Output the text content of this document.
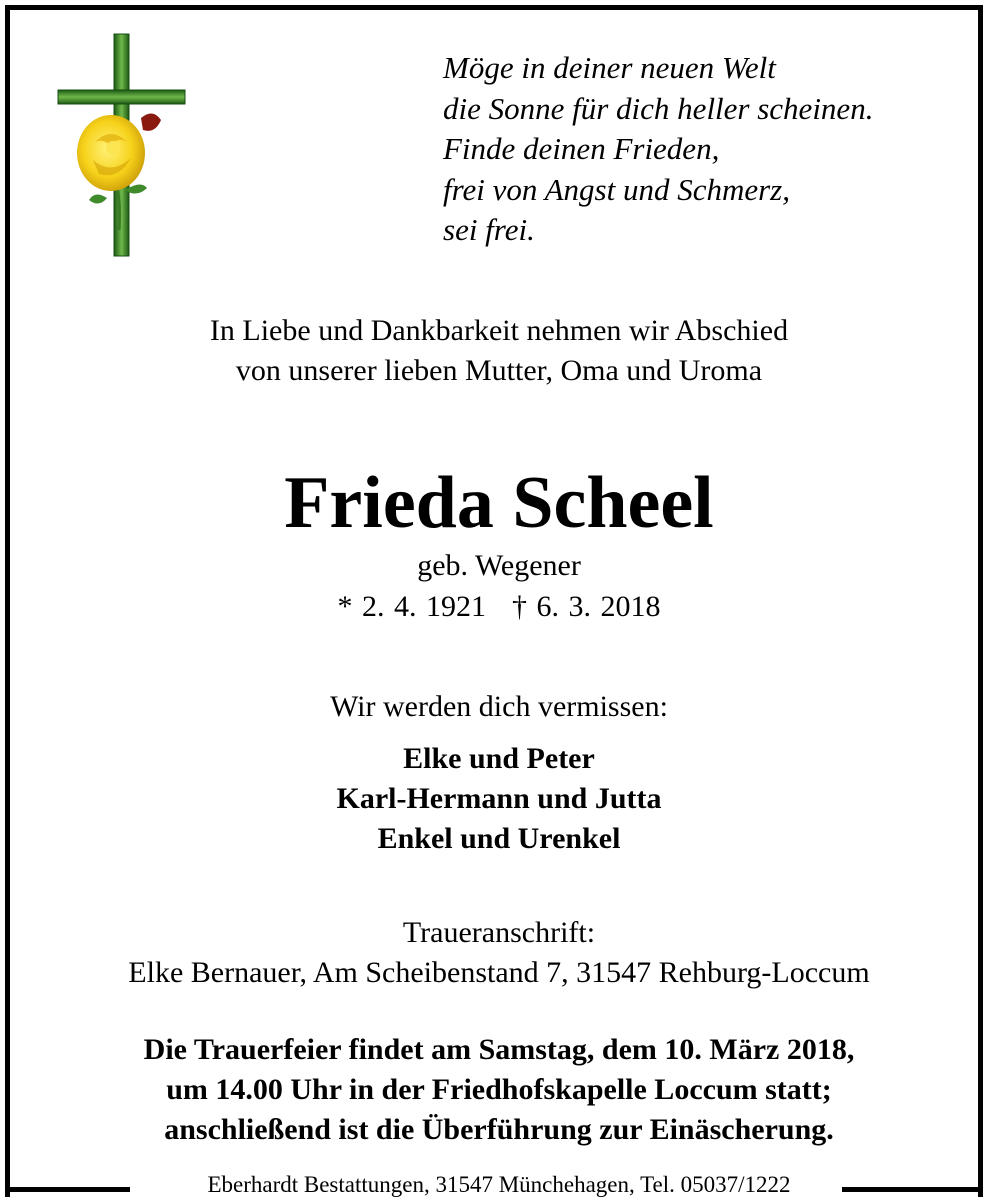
Möge in deiner neuen Welt
die Sonne für dich heller scheinen.
Finde deinen Frieden,
frei von Angst und Schmerz,
sei frei.
In Liebe und Dankbarkeit nehmen wir Abschied
von unserer lieben Mutter, Oma und Uroma
Frieda Scheel
geb. Wegener
* 2. 4. 1921 † 6. 3. 2018
Wir werden dich vermissen:
Elke und Peter
Karl-Hermann und Jutta
Enkel und Urenkel
Traueranschrift:
Elke Bernauer, Am Scheibenstand 7, 31547 Rehburg-Loccum
Die Trauerfeier findet am Samstag, dem 10. März 2018,
um 14.00 Uhr in der Friedhofskapelle Loccum statt;
anschließend ist die Überführung zur Einäscherung.
Eberhardt Bestattungen, 31547 Münchehagen, Tel. 05037/1222
